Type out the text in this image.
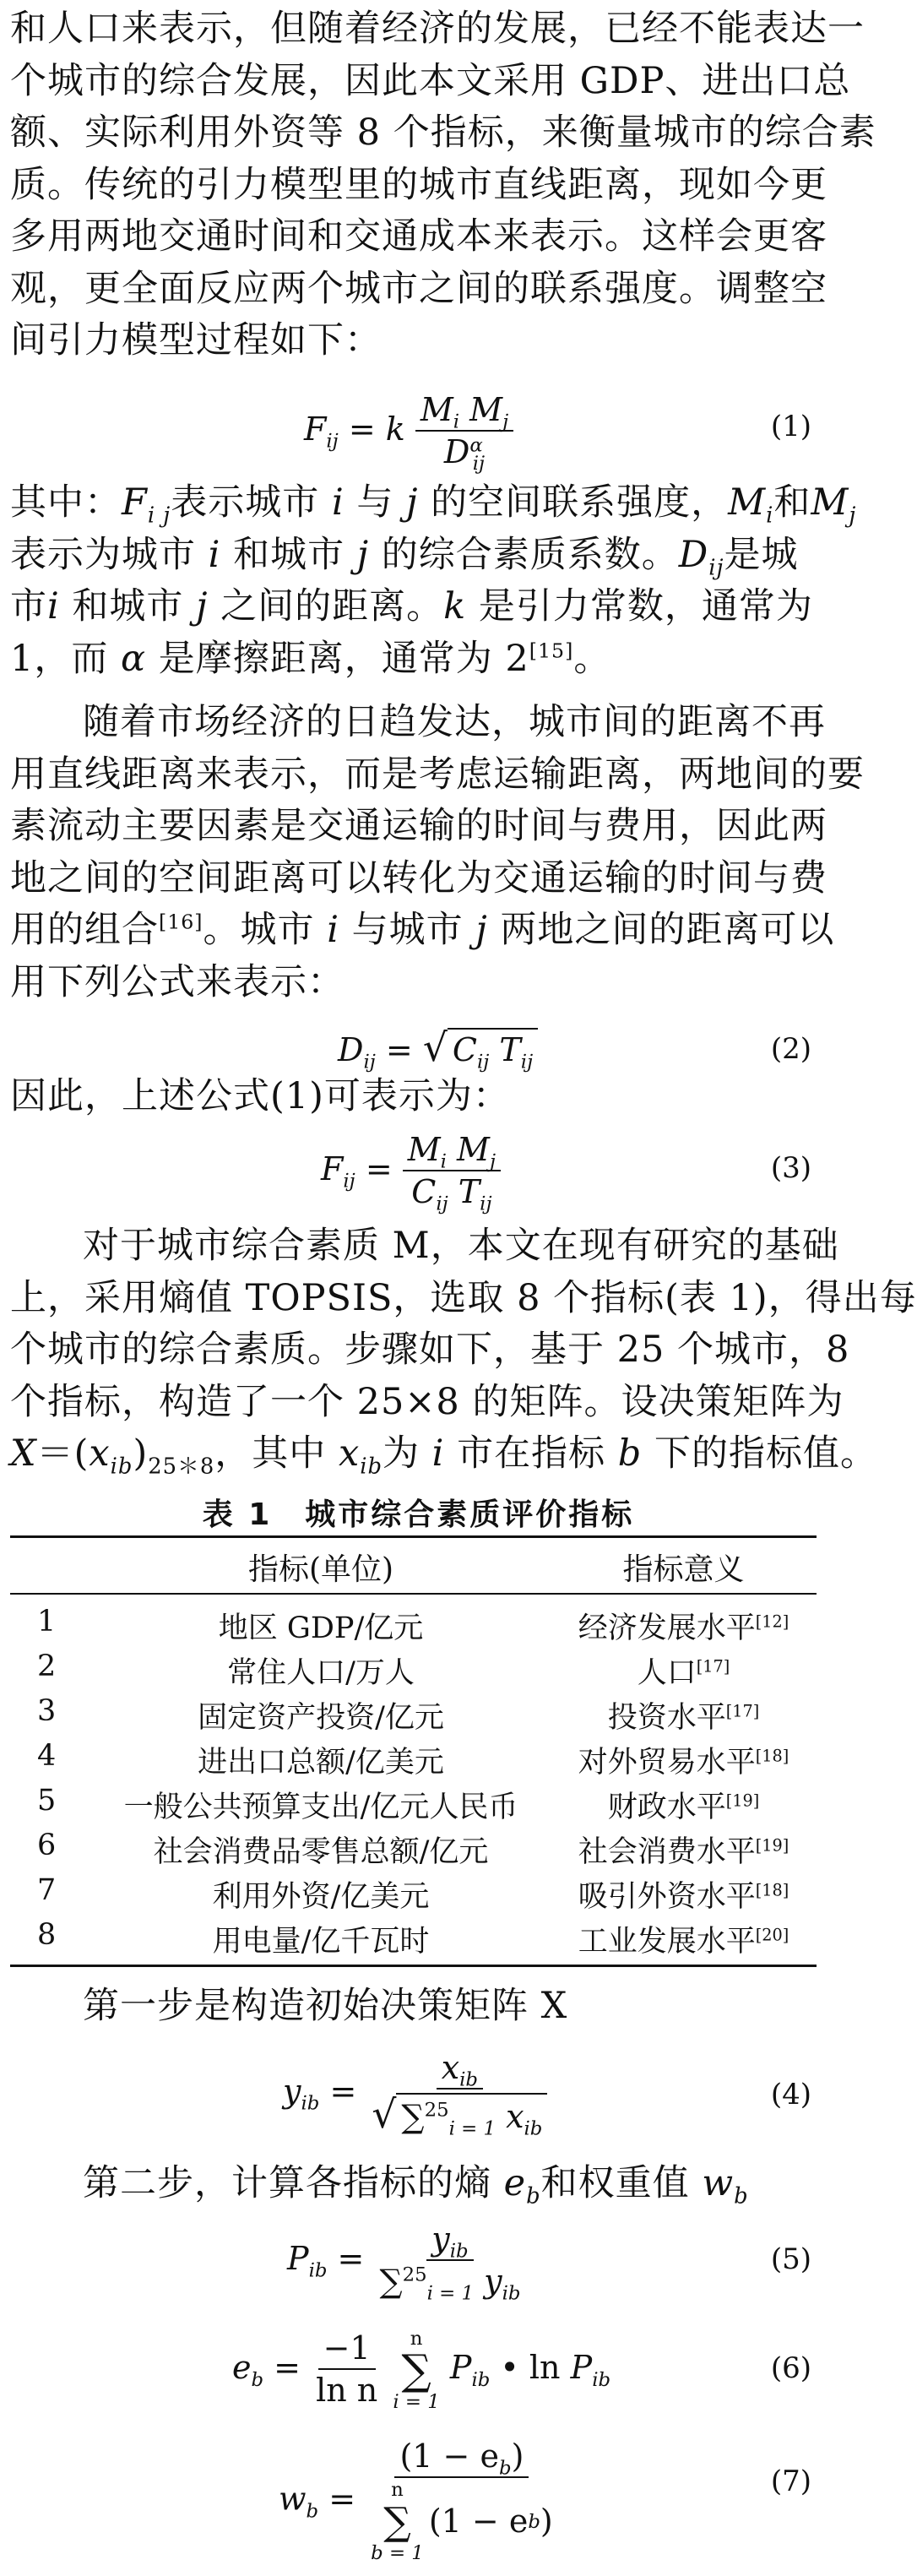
和人口来表示，但随着经济的发展，已经不能表达一
个城市的综合发展，因此本文采用 GDP、进出口总
额、实际利用外资等 8 个指标，来衡量城市的综合素
质。传统的引力模型里的城市直线距离，现如今更
多用两地交通时间和交通成本来表示。这样会更客
观，更全面反应两个城市之间的联系强度。调整空
间引力模型过程如下：
$F_{ij} = k \frac{M_i M_j}{D^\alpha_{ij}}$	(1)
其中：$F_{i j}$表示城市 i 与 j 的空间联系强度，$M_i$和$M_j$
表示为城市 i 和城市 j 的综合素质系数。$D_{ij}$是城
市i 和城市 j 之间的距离。k 是引力常数，通常为
1，而 α 是摩擦距离，通常为 2[15]。
随着市场经济的日趋发达，城市间的距离不再
用直线距离来表示，而是考虑运输距离，两地间的要
素流动主要因素是交通运输的时间与费用，因此两
地之间的空间距离可以转化为交通运输的时间与费
用的组合[16]。城市 i 与城市 j 两地之间的距离可以
用下列公式来表示：
$D_{ij}$ = √ $C_{ij}$ $T_{ij}$	(2)
因此，上述公式(1)可表示为：
$F_{ij} = \frac{M_i M_j}{C_{ij} T_{ij}}$	(3)
对于城市综合素质 M，本文在现有研究的基础
上，采用熵值 TOPSIS，选取 8 个指标(表 1)，得出每
个城市的综合素质。步骤如下，基于 25 个城市，8
个指标，构造了一个 25×8 的矩阵。设决策矩阵为
$X=(x_{ib})_{25*8}$，其中 $x_{ib}$为 i 市在指标 b 下的指标值。
表 1　城市综合素质评价指标
指标(单位)	指标意义
1	地区 GDP/亿元	经济发展水平[12]
2	常住人口/万人	人口[17]
3	固定资产投资/亿元	投资水平[17]
4	进出口总额/亿美元	对外贸易水平[18]
5	一般公共预算支出/亿元人民币	财政水平[19]
6	社会消费品零售总额/亿元	社会消费水平[19]
7	利用外资/亿美元	吸引外资水平[18]
8	用电量/亿千瓦时	工业发展水平[20]
第一步是构造初始决策矩阵 X
$y_{ib} = \frac{x_{ib}}{√ \sum^{25}_{i = 1} x_{ib}}$	(4)
第二步，计算各指标的熵 $e_b$和权重值 $w_b$
$P_{ib} = \frac{y_{ib}}{\sum^{25}_{i = 1} y_{ib}}$	(5)
$e_b = \frac{-1}{\text{ln n}}$
n
∑
i = 1
$P_{ib}$ • $\ln P_{ib}$	(6)
$w_b$ =
$(1 - e_b)$
n
∑
b = 1
(1 − e b )
(7)
